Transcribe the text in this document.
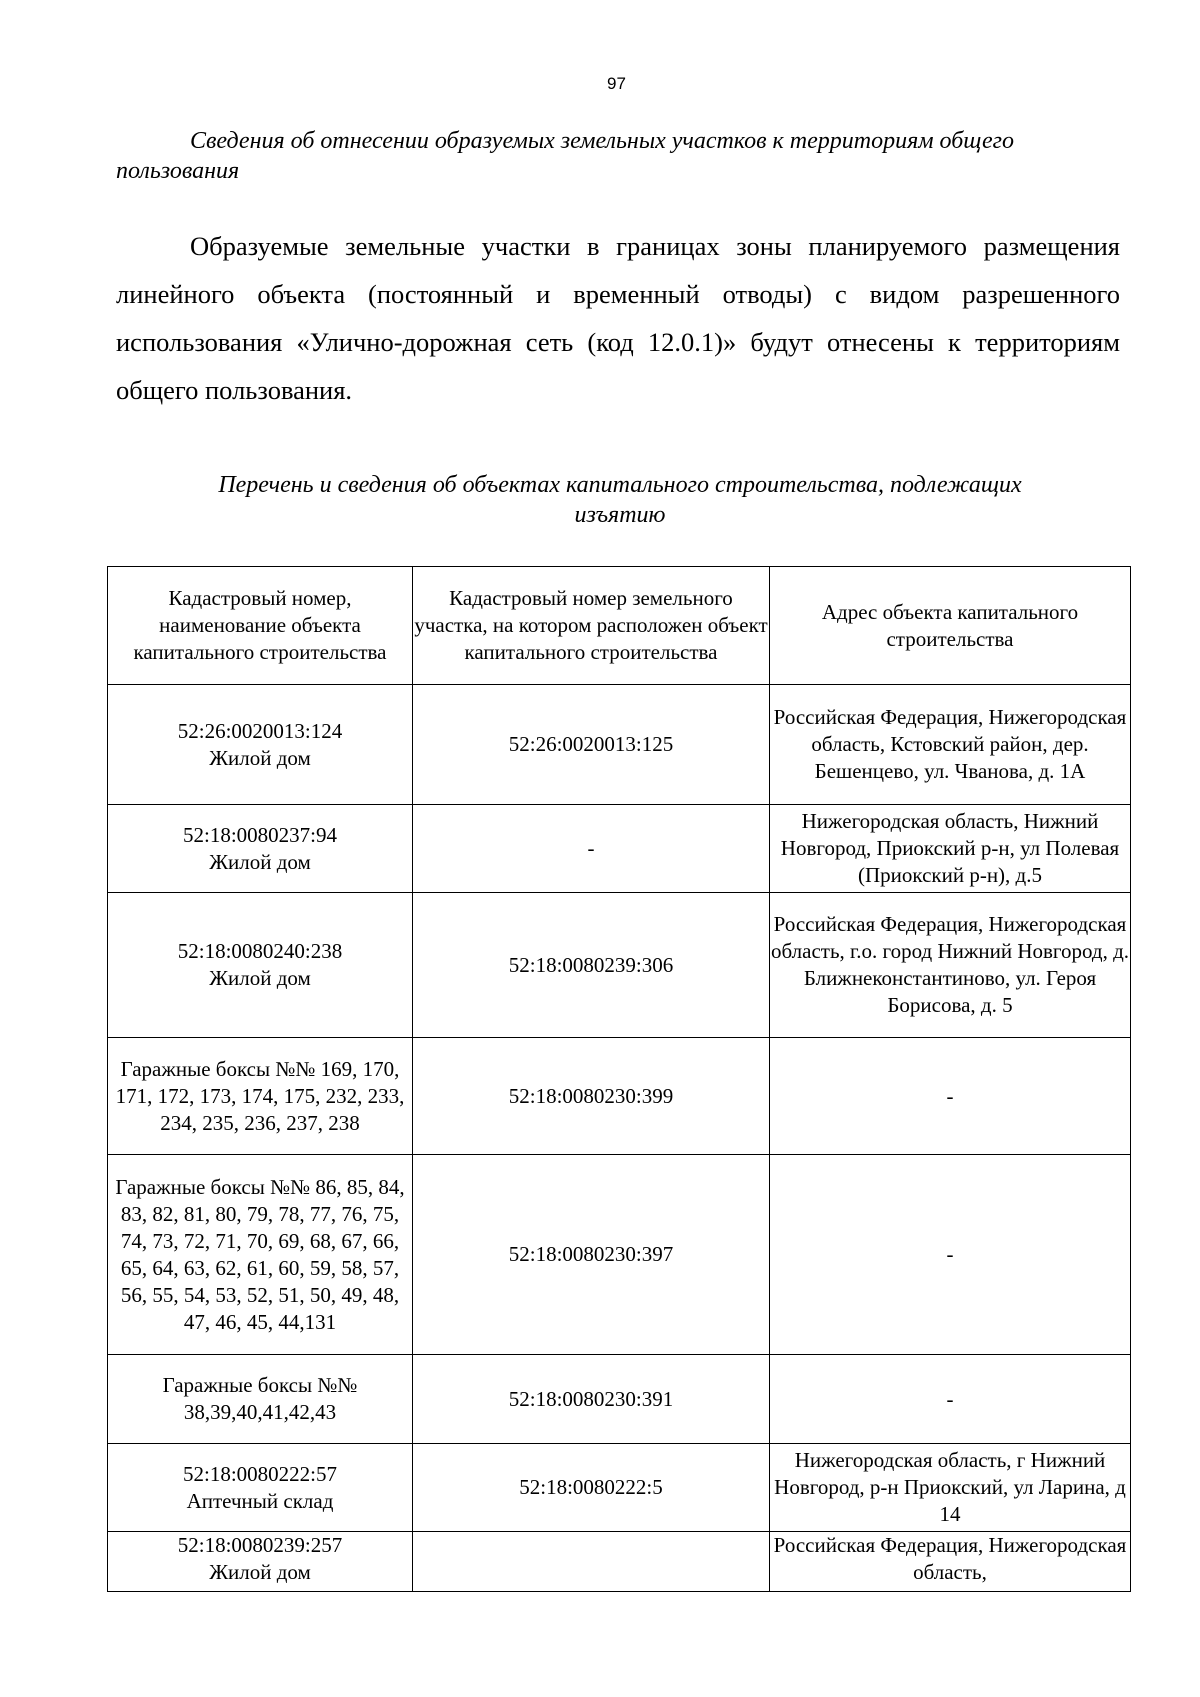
97
Сведения об отнесении образуемых земельных участков к территориям общего пользования
Образуемые земельные участки в границах зоны планируемого размещения линейного объекта (постоянный и временный отводы) с видом разрешенного использования «Улично-дорожная сеть (код 12.0.1)» будут отнесены к территориям общего пользования.
Перечень и сведения об объектах капитального строительства, подлежащих
изъятию
Кадастровый номер, наименование объекта капитального строительства	Кадастровый номер земельного участка, на котором расположен объект капитального строительства	Адрес объекта капитального строительства

52:26:0020013:124
Жилой дом	52:26:0020013:125	Российская Федерация, Нижегородская область, Кстовский район, дер. Бешенцево, ул. Чванова, д. 1А

52:18:0080237:94
Жилой дом	-	Нижегородская область, Нижний Новгород, Приокский р-н, ул Полевая (Приокский р-н), д.5

52:18:0080240:238
Жилой дом	52:18:0080239:306	Российская Федерация, Нижегородская область, г.о. город Нижний Новгород, д. Ближнеконстантиново, ул. Героя Борисова, д. 5
Гаражные боксы №№ 169, 170, 171, 172, 173, 174, 175, 232, 233, 234, 235, 236, 237, 238	52:18:0080230:399	-
Гаражные боксы №№ 86, 85, 84, 83, 82, 81, 80, 79, 78, 77, 76, 75, 74, 73, 72, 71, 70, 69, 68, 67, 66, 65, 64, 63, 62, 61, 60, 59, 58, 57, 56, 55, 54, 53, 52, 51, 50, 49, 48, 47, 46, 45, 44,131	52:18:0080230:397	-
Гаражные боксы №№ 38,39,40,41,42,43	52:18:0080230:391	-

52:18:0080222:57
Аптечный склад	52:18:0080222:5	Нижегородская область, г Нижний Новгород, р-н Приокский, ул Ларина, д 14

52:18:0080239:257
Жилой дом		Российская Федерация, Нижегородская область,
